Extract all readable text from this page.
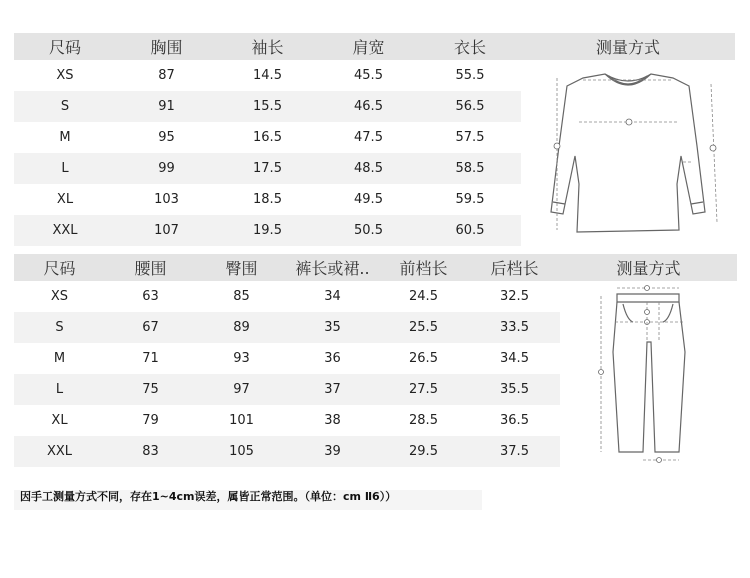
尺码	胸围	袖长	肩宽	衣长	测量方式
XS	87	14.5	45.5	55.5	
S	91	15.5	46.5	56.5	
M	95	16.5	47.5	57.5	
L	99	17.5	48.5	58.5	
XL	103	18.5	49.5	59.5	
XXL	107	19.5	50.5	60.5	
尺码	腰围	臀围	裤长或裙..	前档长	后档长	测量方式
XS	63	85	34	24.5	32.5	
S	67	89	35	25.5	33.5	
M	71	93	36	26.5	34.5	
L	75	97	37	27.5	35.5	
XL	79	101	38	28.5	36.5	
XXL	83	105	39	29.5	37.5	
因手工测量方式不同，存在1~4cm误差，属皆正常范围。（单位：cm Ⅱ6））
